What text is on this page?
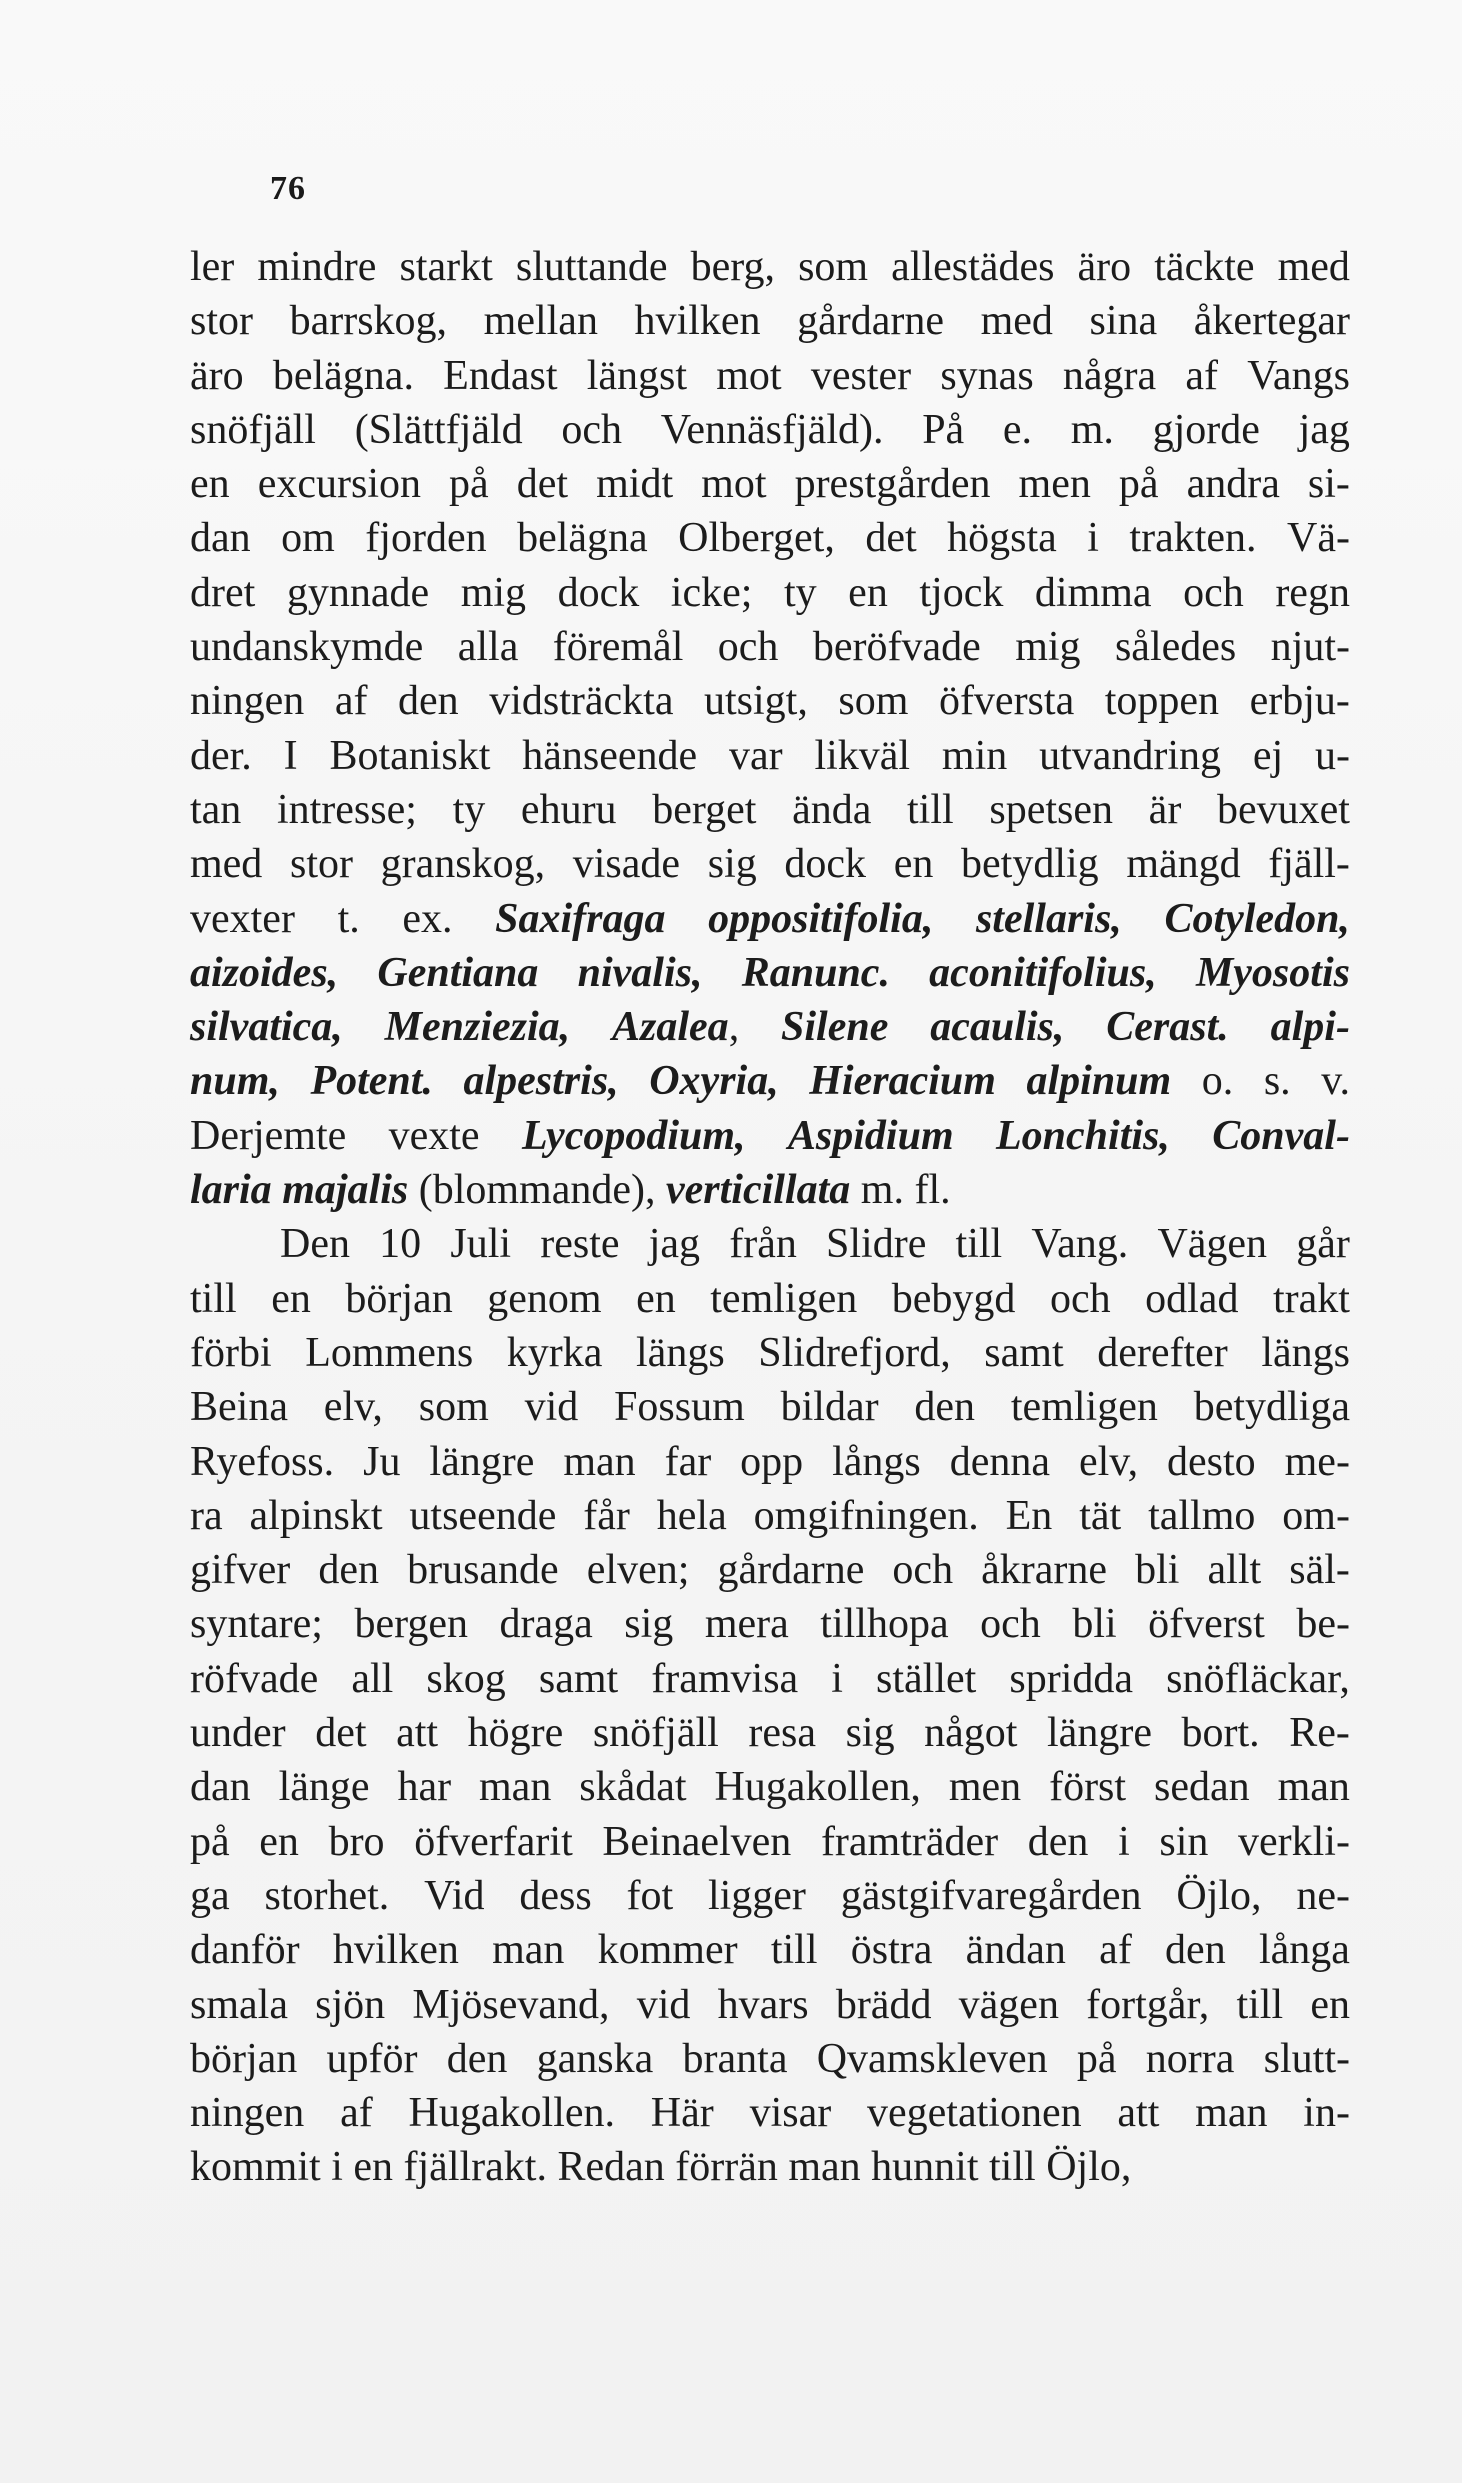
76
ler mindre starkt sluttande berg, som allestädes äro täckte med
stor barrskog, mellan hvilken gårdarne med sina åkertegar
äro belägna. Endast längst mot vester synas några af Vangs
snöfjäll (Slättfjäld och Vennäsfjäld). På e. m. gjorde jag
en excursion på det midt mot prestgården men på andra si-
dan om fjorden belägna Olberget, det högsta i trakten. Vä-
dret gynnade mig dock icke; ty en tjock dimma och regn
undanskymde alla föremål och beröfvade mig således njut-
ningen af den vidsträckta utsigt, som öfversta toppen erbju-
der. I Botaniskt hänseende var likväl min utvandring ej u-
tan intresse; ty ehuru berget ända till spetsen är bevuxet
med stor granskog, visade sig dock en betydlig mängd fjäll-
vexter t. ex. Saxifraga oppositifolia, stellaris, Cotyledon,
aizoides, Gentiana nivalis, Ranunc. aconitifolius, Myosotis
silvatica, Menziezia, Azalea, Silene acaulis, Cerast. alpi-
num, Potent. alpestris, Oxyria, Hieracium alpinum o. s. v.
Derjemte vexte Lycopodium, Aspidium Lonchitis, Conval-
laria majalis (blommande), verticillata m. fl.
Den 10 Juli reste jag från Slidre till Vang. Vägen går
till en början genom en temligen bebygd och odlad trakt
förbi Lommens kyrka längs Slidrefjord, samt derefter längs
Beina elv, som vid Fossum bildar den temligen betydliga
Ryefoss. Ju längre man far opp långs denna elv, desto me-
ra alpinskt utseende får hela omgifningen. En tät tallmo om-
gifver den brusande elven; gårdarne och åkrarne bli allt säl-
syntare; bergen draga sig mera tillhopa och bli öfverst be-
röfvade all skog samt framvisa i stället spridda snöfläckar,
under det att högre snöfjäll resa sig något längre bort. Re-
dan länge har man skådat Hugakollen, men först sedan man
på en bro öfverfarit Beinaelven framträder den i sin verkli-
ga storhet. Vid dess fot ligger gästgifvaregården Öjlo, ne-
danför hvilken man kommer till östra ändan af den långa
smala sjön Mjösevand, vid hvars brädd vägen fortgår, till en
början upför den ganska branta Qvamskleven på norra slutt-
ningen af Hugakollen. Här visar vegetationen att man in-
kommit i en fjällrakt. Redan förrän man hunnit till Öjlo,
